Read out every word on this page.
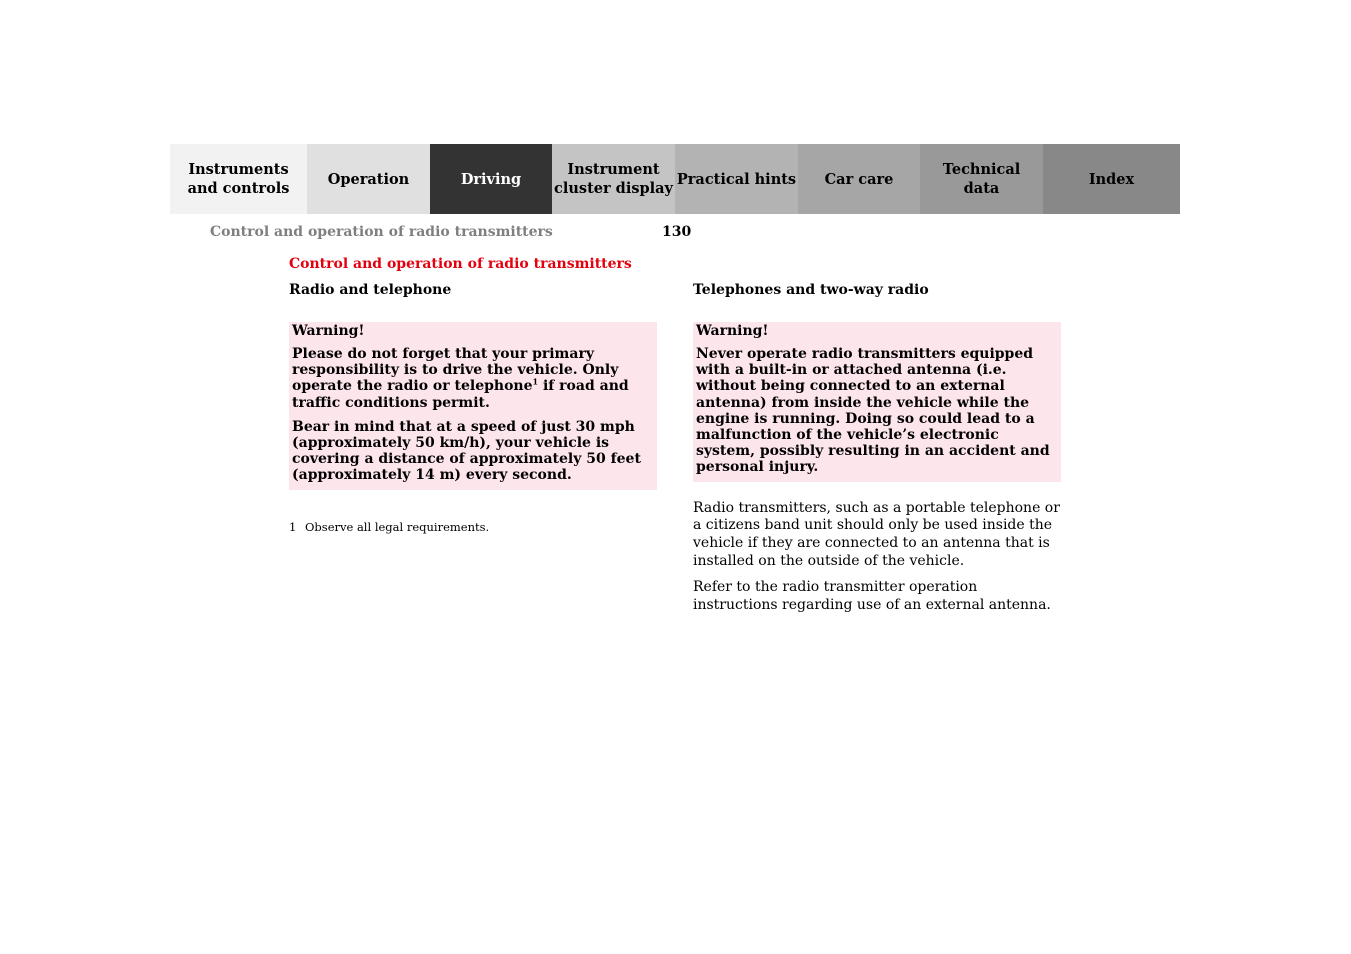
Instruments
and controls
Operation	Driving
Instrument
cluster display
Practical hints Car care
Technical
data
Index
Control and operation of radio transmitters	130
Control and operation of radio transmitters
Radio and telephone
Warning!

Please do not forget that your primary responsibility is to drive the vehicle. Only operate the radio or telephone$^1$ if road and traffic conditions permit.

Bear in mind that at a speed of just 30 mph (approximately 50 km/h), your vehicle is covering a distance of approximately 50 feet (approximately 14 m) every second.

1 Observe all legal requirements.
Telephones and two-way radio
Warning!

Never operate radio transmitters equipped with a built-in or attached antenna (i.e. without being connected to an external antenna) from inside the vehicle while the engine is running. Doing so could lead to a malfunction of the vehicle’s electronic system, possibly resulting in an accident and personal injury.

Radio transmitters, such as a portable telephone or a citizens band unit should only be used inside the vehicle if they are connected to an antenna that is installed on the outside of the vehicle.

Refer to the radio transmitter operation instructions regarding use of an external antenna.
